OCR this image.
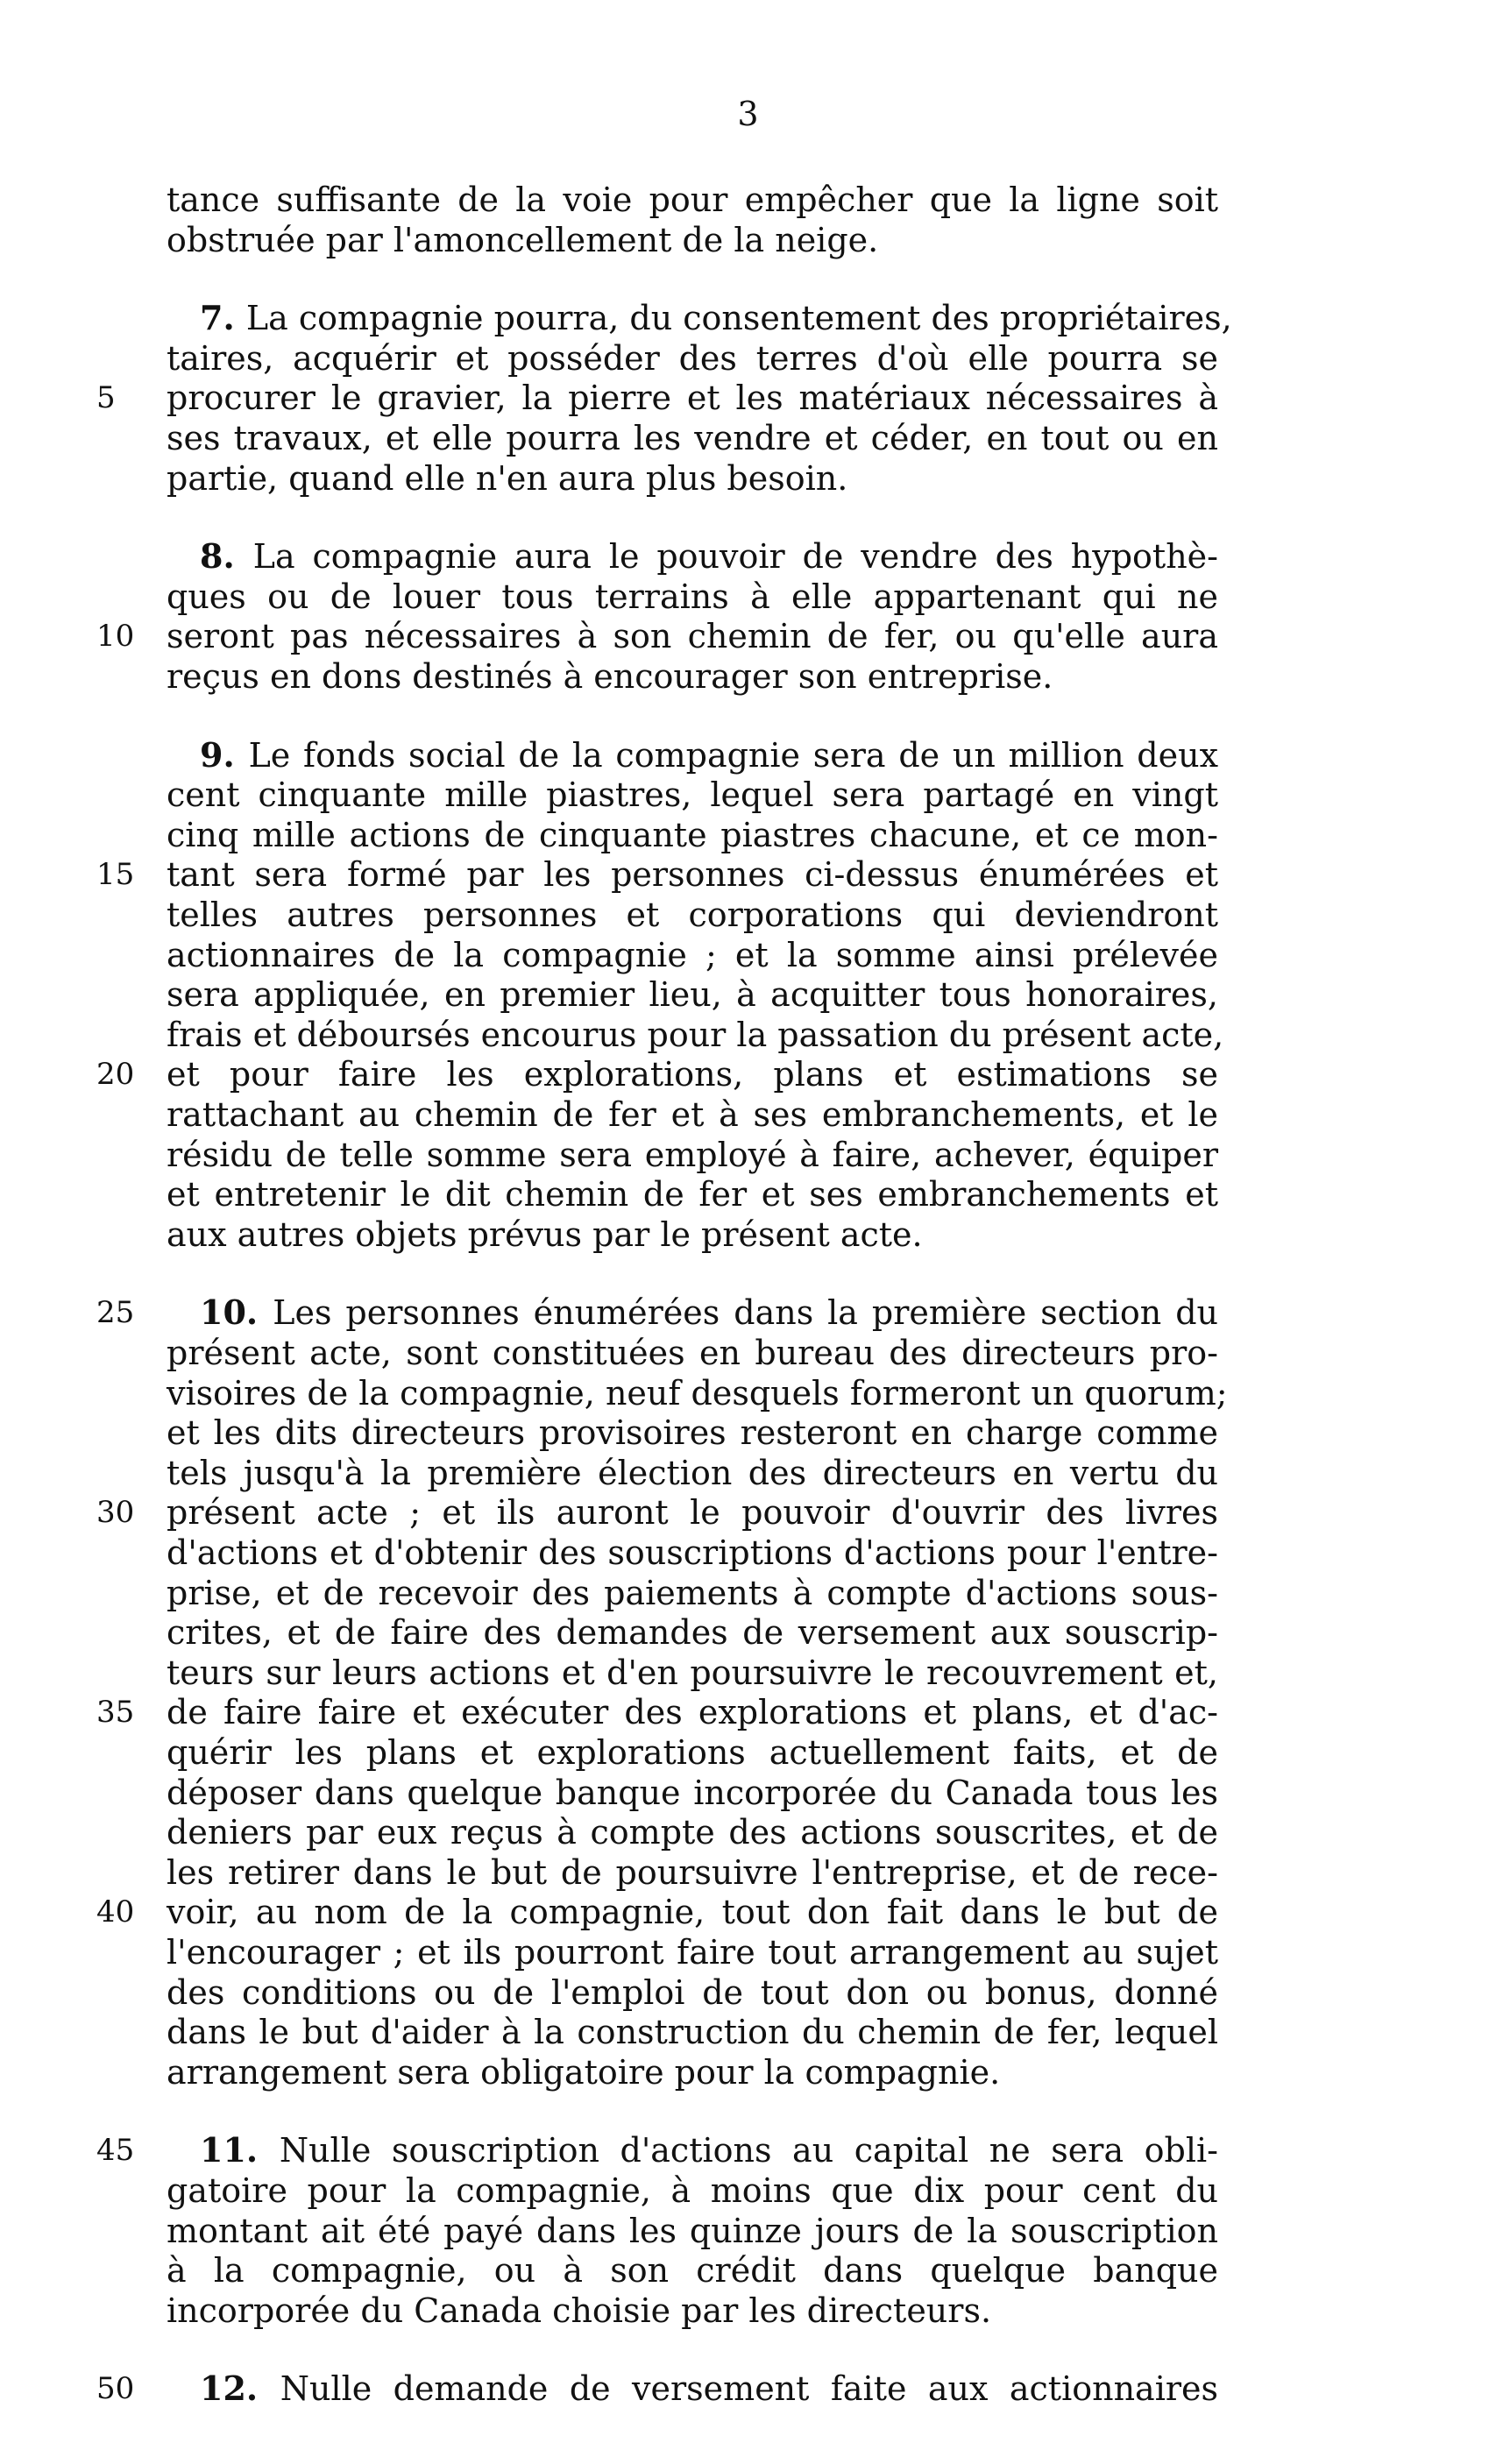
3
tance suffisante de la voie pour empêcher que la ligne soit
obstruée par l'amoncellement de la neige.
 7. La compagnie pourra, du consentement des propriétaires,
taires, acquérir et posséder des terres d'où elle pourra se
5	procurer le gravier, la pierre et les matériaux nécessaires à
ses travaux, et elle pourra les vendre et céder, en tout ou en
partie, quand elle n'en aura plus besoin.
 8. La compagnie aura le pouvoir de vendre des hypothè-
ques ou de louer tous terrains à elle appartenant qui ne
10 seront pas nécessaires à son chemin de fer, ou qu'elle aura
reçus en dons destinés à encourager son entreprise.
 9. Le fonds social de la compagnie sera de un million deux
cent cinquante mille piastres, lequel sera partagé en vingt
cinq mille actions de cinquante piastres chacune, et ce mon-
15 tant sera formé par les personnes ci-dessus énumérées et
telles autres personnes et corporations qui deviendront
actionnaires de la compagnie ; et la somme ainsi prélevée
sera appliquée, en premier lieu, à acquitter tous honoraires,
frais et déboursés encourus pour la passation du présent acte,
20 et pour faire les explorations, plans et estimations se
rattachant au chemin de fer et à ses embranchements, et le
résidu de telle somme sera employé à faire, achever, équiper
et entretenir le dit chemin de fer et ses embranchements et
aux autres objets prévus par le présent acte.
25
 	10. Les personnes énumérées dans la première section du
présent acte, sont constituées en bureau des directeurs pro-
visoires de la compagnie, neuf desquels formeront un quorum;
et les dits directeurs provisoires resteront en charge comme
tels jusqu'à la première élection des directeurs en vertu du
30 présent acte ; et ils auront le pouvoir d'ouvrir des livres
d'actions et d'obtenir des souscriptions d'actions pour l'entre-
prise, et de recevoir des paiements à compte d'actions sous-
crites, et de faire des demandes de versement aux souscrip-
teurs sur leurs actions et d'en poursuivre le recouvrement et,
35 de faire faire et exécuter des explorations et plans, et d'ac-
quérir les plans et explorations actuellement faits, et de
déposer dans quelque banque incorporée du Canada tous les
deniers par eux reçus à compte des actions souscrites, et de
les retirer dans le but de poursuivre l'entreprise, et de rece-
40 voir, au nom de la compagnie, tout don fait dans le but de
l'encourager ; et ils pourront faire tout arrangement au sujet
des conditions ou de l'emploi de tout don ou bonus, donné
dans le but d'aider à la construction du chemin de fer, lequel
arrangement sera obligatoire pour la compagnie.
45
 	11. Nulle souscription d'actions au capital ne sera obli-
gatoire pour la compagnie, à moins que dix pour cent du
montant ait été payé dans les quinze jours de la souscription
à la compagnie, ou à son crédit dans quelque banque
incorporée du Canada choisie par les directeurs.
50
 	12. Nulle demande de versement faite aux actionnaires
